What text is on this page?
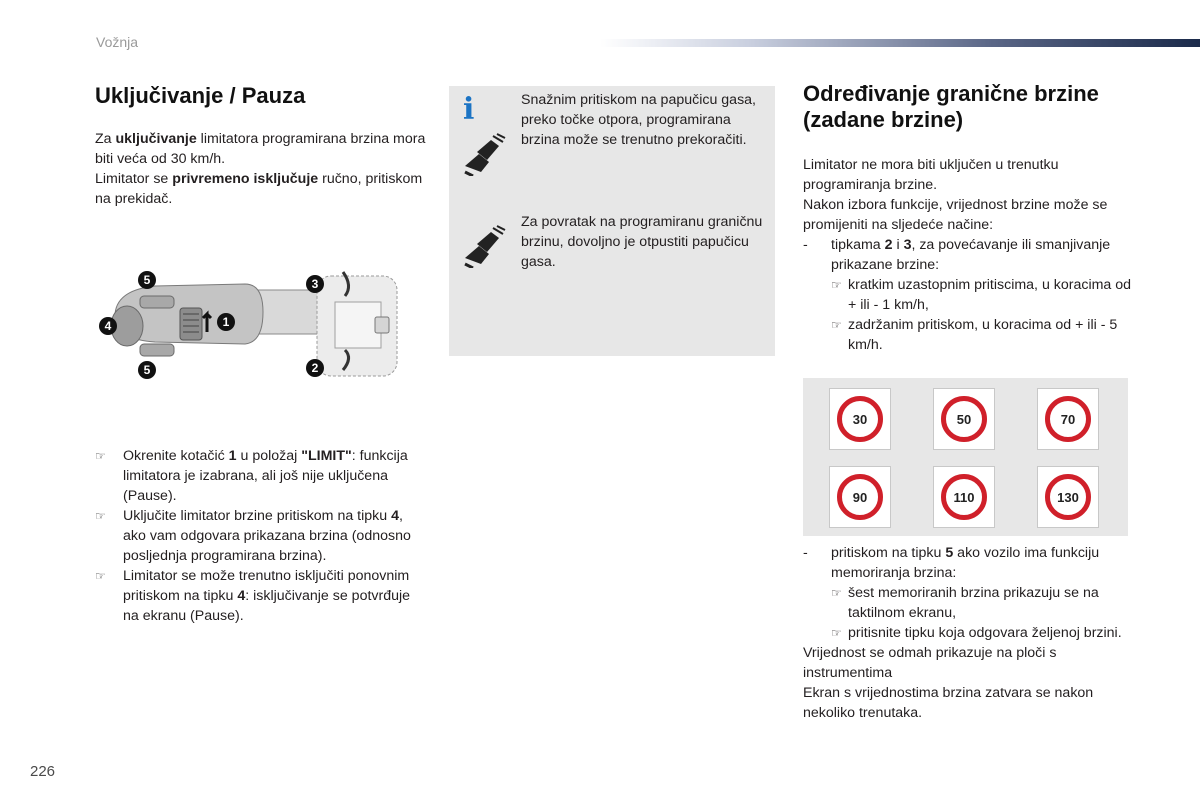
Vožnja
Uključivanje / Pauza

Za uključivanje limitatora programirana brzina mora biti veća od 30 km/h.

Limitator se privremeno isključuje ručno, pritiskom na prekidač.

5
4	1
5
3
2
☞ Okrenite kotačić 1 u položaj "LIMIT": funkcija limitatora je izabrana, ali još nije uključena (Pause).
☞ Uključite limitator brzine pritiskom na tipku 4, ako vam odgovara prikazana brzina (odnosno posljednja programirana brzina).
☞ Limitator se može trenutno isključiti ponovnim pritiskom na tipku 4: isključivanje se potvrđuje na ekranu (Pause).
i	Snažnim pritiskom na papučicu gasa, preko točke otpora, programirana brzina može se trenutno prekoračiti.
Za povratak na programiranu graničnu brzinu, dovoljno je otpustiti papučicu gasa.
Određivanje granične brzine (zadane brzine)

Limitator ne mora biti uključen u trenutku programiranja brzine.

Nakon izbora funkcije, vrijednost brzine može se promijeniti na sljedeće načine:

- tipkama 2 i 3, za povećavanje ili smanjivanje prikazane brzine:
☞ kratkim uzastopnim pritiscima, u koracima od + ili - 1 km/h,
☞ zadržanim pritiskom, u koracima od + ili - 5 km/h.
30	50	70
90	110	130
- pritiskom na tipku 5 ako vozilo ima funkciju memoriranja brzina:
☞ šest memoriranih brzina prikazuju se na taktilnom ekranu,
☞ pritisnite tipku koja odgovara željenoj brzini.

Vrijednost se odmah prikazuje na ploči s instrumentima

Ekran s vrijednostima brzina zatvara se nakon nekoliko trenutaka.

226
